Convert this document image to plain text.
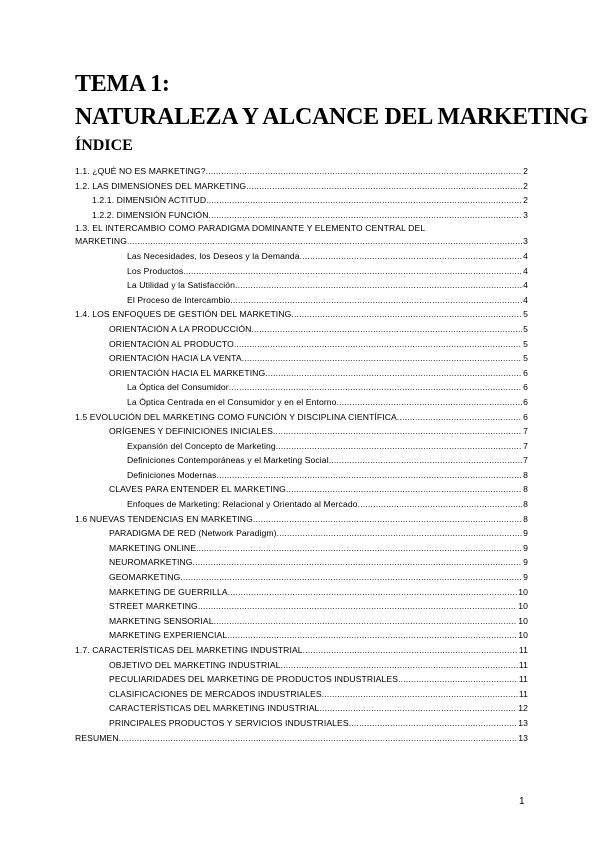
TEMA 1:
NATURALEZA Y ALCANCE DEL MARKETING
ÍNDICE
1.1. ¿QUÉ NO ES MARKETING? .....	2
1.2. LAS DIMENSIONES DEL MARKETING .....	2
1.2.1. DIMENSIÓN ACTITUD .....	2
1.2.2. DIMENSIÓN FUNCIÓN .....	3
1.3. EL INTERCAMBIO COMO PARADIGMA DOMINANTE Y ELEMENTO CENTRAL DEL
MARKETING .....	3
Las Necesidades, los Deseos y la Demanda .....	4
Los Productos .....	4
La Utilidad y la Satisfacción .....	4
El Proceso de Intercambio .....	4
1.4. LOS ENFOQUES DE GESTIÓN DEL MARKETING .....	5
ORIENTACIÓN A LA PRODUCCIÓN .....	5
ORIENTACIÓN AL PRODUCTO .....	5
ORIENTACIÓN HACIA LA VENTA .....	5
ORIENTACIÓN HACIA EL MARKETING .....	6
La Óptica del Consumidor .....	6
La Óptica Centrada en el Consumidor y en el Entorno .....	6
1.5 EVOLUCIÓN DEL MARKETING COMO FUNCIÓN Y DISCIPLINA CIENTÍFICA .....	6
ORÍGENES Y DEFINICIONES INICIALES .....	7
Expansión del Concepto de Marketing .....	7
Definiciones Contemporáneas y el Marketing Social .....	7
Definiciones Modernas .....	8
CLAVES PARA ENTENDER EL MARKETING .....	8
Enfoques de Marketing: Relacional y Orientado al Mercado .....	8
1.6 NUEVAS TENDENCIAS EN MARKETING .....	8
PARADIGMA DE RED (Network Paradigm) .....	9
MARKETING ONLINE .....	9
NEUROMARKETING .....	9
GEOMARKETING .....	9
MARKETING DE GUERRILLA .....	10
STREET MARKETING .....	10
MARKETING SENSORIAL .....	10
MARKETING EXPERIENCIAL .....	10
1.7. CARACTERÍSTICAS DEL MARKETING INDUSTRIAL .....	11
OBJETIVO DEL MARKETING INDUSTRIAL .....	11
PECULIARIDADES DEL MARKETING DE PRODUCTOS INDUSTRIALES .....	11
CLASIFICACIONES DE MERCADOS INDUSTRIALES .....	11
CARACTERÍSTICAS DEL MARKETING INDUSTRIAL .....	12
PRINCIPALES PRODUCTOS Y SERVICIOS INDUSTRIALES .....	13
RESUMEN .....	13
1
